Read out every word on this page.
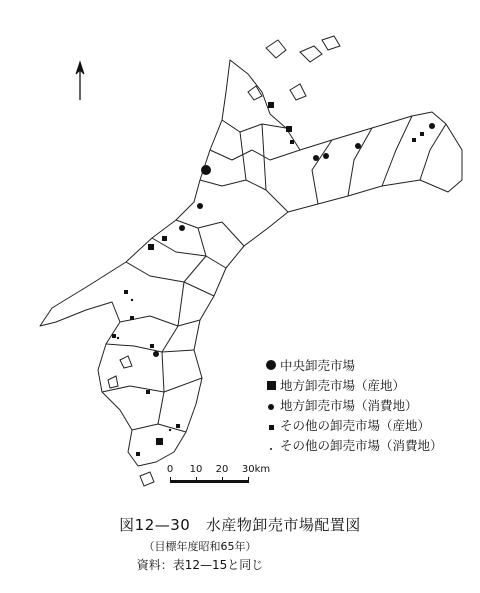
中央卸売市場
地方卸売市場（産地）
地方卸売市場（消費地）
その他の卸売市場（産地）
その他の卸売市場（消費地）
0 10 20 30km
図12—30　水産物卸売市場配置図
（目標年度昭和65年）
資料：表12—15と同じ
